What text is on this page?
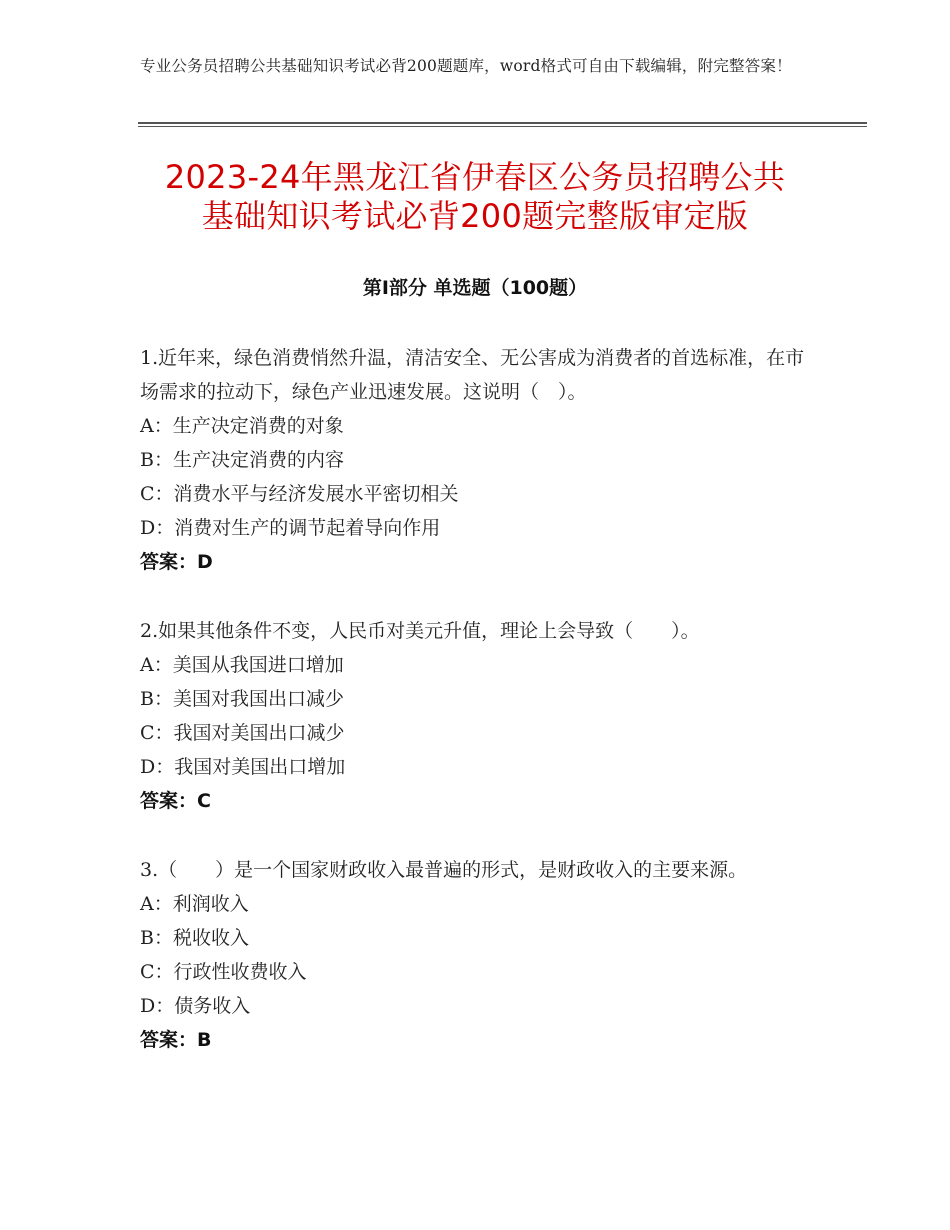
专业公务员招聘公共基础知识考试必背200题题库，word格式可自由下载编辑，附完整答案！
2023-24年黑龙江省伊春区公务员招聘公共
基础知识考试必背200题完整版审定版
第Ⅰ部分 单选题（100题）

1.近年来，绿色消费悄然升温，清洁安全、无公害成为消费者的首选标准，在市场需求的拉动下，绿色产业迅速发展。这说明（　）。

A：生产决定消费的对象

B：生产决定消费的内容

C：消费水平与经济发展水平密切相关

D：消费对生产的调节起着导向作用

答案：D

2.如果其他条件不变，人民币对美元升值，理论上会导致（　　）。

A：美国从我国进口增加

B：美国对我国出口减少

C：我国对美国出口减少

D：我国对美国出口增加

答案：C

3.（　　）是一个国家财政收入最普遍的形式，是财政收入的主要来源。

A：利润收入

B：税收收入

C：行政性收费收入

D：债务收入

答案：B
